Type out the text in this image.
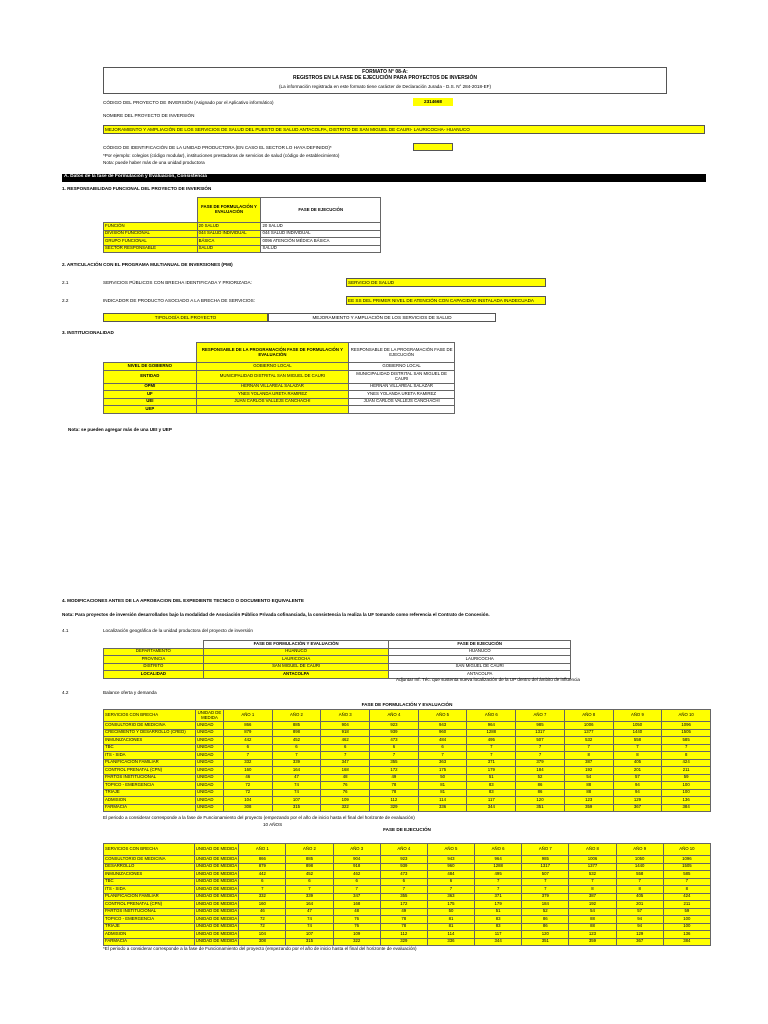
FORMATO N° 08-A:
REGISTROS EN LA FASE DE EJECUCIÓN PARA PROYECTOS DE INVERSIÓN
(La información registrada en este formato tiene carácter de Declaración Jurada - D.S. N° 284-2018-EF)
CÓDIGO DEL PROYECTO DE INVERSIÓN (Asignado por el Aplicativo informático)	2314668
NOMBRE DEL PROYECTO DE INVERSIÓN
MEJORAMIENTO Y AMPLIACIÓN DE LOS SERVICIOS DE SALUD DEL PUESTO DE SALUD ANTACOLPA, DISTRITO DE SAN MIGUEL DE CAURI- LAURICOCHA- HUANUCO
CÓDIGO DE IDENTIFICACIÓN DE LA UNIDAD PRODUCTORA (EN CASO EL SECTOR LO HAYA DEFINIDO)*
*Por ejemplo: colegios (código modular), instituciones prestadoras de servicios de salud (código de establecimiento)
Nota: puede haber más de una unidad productora
A. Datos de la fase de Formulación y Evaluación, Consistencia
1. RESPONSABILIDAD FUNCIONAL DEL PROYECTO DE INVERSIÓN
	FASE DE FORMULACIÓN Y EVALUACIÓN	FASE DE EJECUCIÓN
FUNCIÓN	20 SALUD	20 SALUD
DIVISIÓN FUNCIONAL	044 SALUD INDIVIDUAL	044 SALUD INDIVIDUAL
GRUPO FUNCIONAL	BÁSICA	0096 ATENCIÓN MÉDICA BÁSICA
SECTOR RESPONSABLE	SALUD	SALUD
2. ARTICULACIÓN CON EL PROGRAMA MULTIANUAL DE INVERSIONES (PMI)
2.1	SERVICIOS PÚBLICOS CON BRECHA IDENTIFICADA Y PRIORIZADA:	SERVICIO DE SALUD
2.2	INDICADOR DE PRODUCTO ASOCIADO A LA BRECHA DE SERVICIOS:	EE SS DEL PRIMER NIVEL DE ATENCIÓN CON CAPACIDAD INSTALADA INADECUADA
TIPOLOGÍA DEL PROYECTO	MEJORAMIENTO Y AMPLIACIÓN DE LOS SERVICIOS DE SALUD
3. INSTITUCIONALIDAD
	RESPONSABLE DE LA PROGRAMACIÓN FASE DE FORMULACIÓN Y EVALUACIÓN	RESPONSABLE DE LA PROGRAMACIÓN FASE DE EJECUCIÓN
NIVEL DE GOBIERNO	GOBIERNO LOCAL	GOBIERNO LOCAL
ENTIDAD	MUNICIPALIDAD DISTRITAL SAN MIGUEL DE CAURI	MUNICIPALIDAD DISTRITAL SAN MIGUEL DE CAURI
OPMI	HERNAN VILLAREAL SALAZAR	HERNAN VILLAREAL SALAZAR
UF	YNES YOLANDA URETA RAMIREZ	YNES YOLANDA URETA RAMIREZ
UEI	JUAN CARLOS VALLEJS CANCHACHI	JUAN CARLOS VALLEJS CANCHACHI
UEP		
Nota: se pueden agregar más de una UEI y UEP
4. MODIFICACIONES ANTES DE LA APROBACION DEL EXPEDIENTE TECNICO O DOCUMENTO EQUIVALENTE
Nota: Para proyectos de inversión desarrollados bajo la modalidad de Asociación Público Privada cofinanciada, la consistencia la realiza la UF tomando como referencia el Contrato de Concesión.
4.1	Localización geográfica de la unidad productora del proyecto de inversión
	FASE DE FORMULACIÓN Y EVALUACIÓN	FASE DE EJECUCIÓN
DEPARTAMENTO	HUANUCO	HUANUCO
PROVINCIA	LAURICOCHA	LAURICOCHA
DISTRITO	SAN MIGUEL DE CAURI	SAN MIGUEL DE CAURI
LOCALIDAD	ANTACOLPA	ANTACOLPA
Adjuntar Inf. Téc. que sustenta nueva localización de la UP dentro del ámbito de influencia
4.2	Balance oferta y demanda
FASE DE FORMULACIÓN Y EVALUACIÓN
SERVICIOS CON BRECHA	UNIDAD DE MEDIDA	AÑO 1	AÑO 2	AÑO 3	AÑO 4	AÑO 5	AÑO 6	AÑO 7	AÑO 8	AÑO 9	AÑO 10
CONSULTORIO DE MEDICINA	UNIDAD	866	885	904	923	943	964	985	1006	1050	1096
CRECIMIENTO Y DESARROLLO (CRED)	UNIDAD	879	898	918	939	960	1288	1317	1377	1440	1505
INMUNIZACIONES	UNIDAD	442	452	462	473	484	495	507	532	558	585
TBC	UNIDAD	6	6	6	6	6	7	7	7	7	7
ITS - SIDA	UNIDAD	7	7	7	7	7	7	7	8	8	8
PLANIFICACION FAMILIAR	UNIDAD	332	339	347	355	363	371	379	387	405	424
CONTROL PRENATAL (CPN)	UNIDAD	160	164	168	172	175	179	184	192	201	211
PARTOS INSTITUCIONAL	UNIDAD	46	47	48	49	50	51	52	54	57	59
TOPICO - EMERGENCIA	UNIDAD	72	74	76	78	81	83	86	88	94	100
TRIAJE	UNIDAD	72	74	76	78	81	83	86	88	94	100
ADMISION	UNIDAD	104	107	109	112	114	117	120	123	129	136
FARMACIA	UNIDAD	308	315	322	329	336	344	351	359	367	384
El periodo a considerar corresponde a la fase de Funcionamiento del proyecto (empezando por el año de inicio hasta el final del horizonte de evaluación)
10 AÑOS
FASE DE EJECUCIÓN
SERVICIOS CON BRECHA	UNIDAD DE MEDIDA	AÑO 1	AÑO 2	AÑO 3	AÑO 4	AÑO 5	AÑO 6	AÑO 7	AÑO 8	AÑO 9	AÑO 10
CONSULTORIO DE MEDICINA	UNIDAD DE MEDIDA	866	885	904	923	943	964	985	1006	1050	1096
DESARROLLO	UNIDAD DE MEDIDA	879	898	918	939	960	1288	1317	1377	1440	1505
INMUNIZACIONES	UNIDAD DE MEDIDA	442	452	462	473	484	495	507	532	558	585
TBC	UNIDAD DE MEDIDA	6	6	6	6	6	7	7	7	7	7
ITS - SIDA	UNIDAD DE MEDIDA	7	7	7	7	7	7	7	8	8	8
PLANIFICACION FAMILIAR	UNIDAD DE MEDIDA	332	339	347	355	363	371	379	387	405	424
CONTROL PRENATAL (CPN)	UNIDAD DE MEDIDA	160	164	168	172	175	179	184	192	201	211
PARTOS INSTITUCIONAL	UNIDAD DE MEDIDA	46	47	48	49	50	51	52	54	57	59
TOPICO - EMERGENCIA	UNIDAD DE MEDIDA	72	74	76	78	81	83	86	88	94	100
TRIAJE	UNIDAD DE MEDIDA	72	74	76	78	81	83	86	88	94	100
ADMISION	UNIDAD DE MEDIDA	104	107	109	112	114	117	120	123	129	136
FARMACIA	UNIDAD DE MEDIDA	308	315	322	329	336	344	351	359	367	384
*El periodo a considerar corresponde a la fase de Funcionamiento del proyecto (empezando por el año de inicio hasta el final del horizonte de evaluación)
